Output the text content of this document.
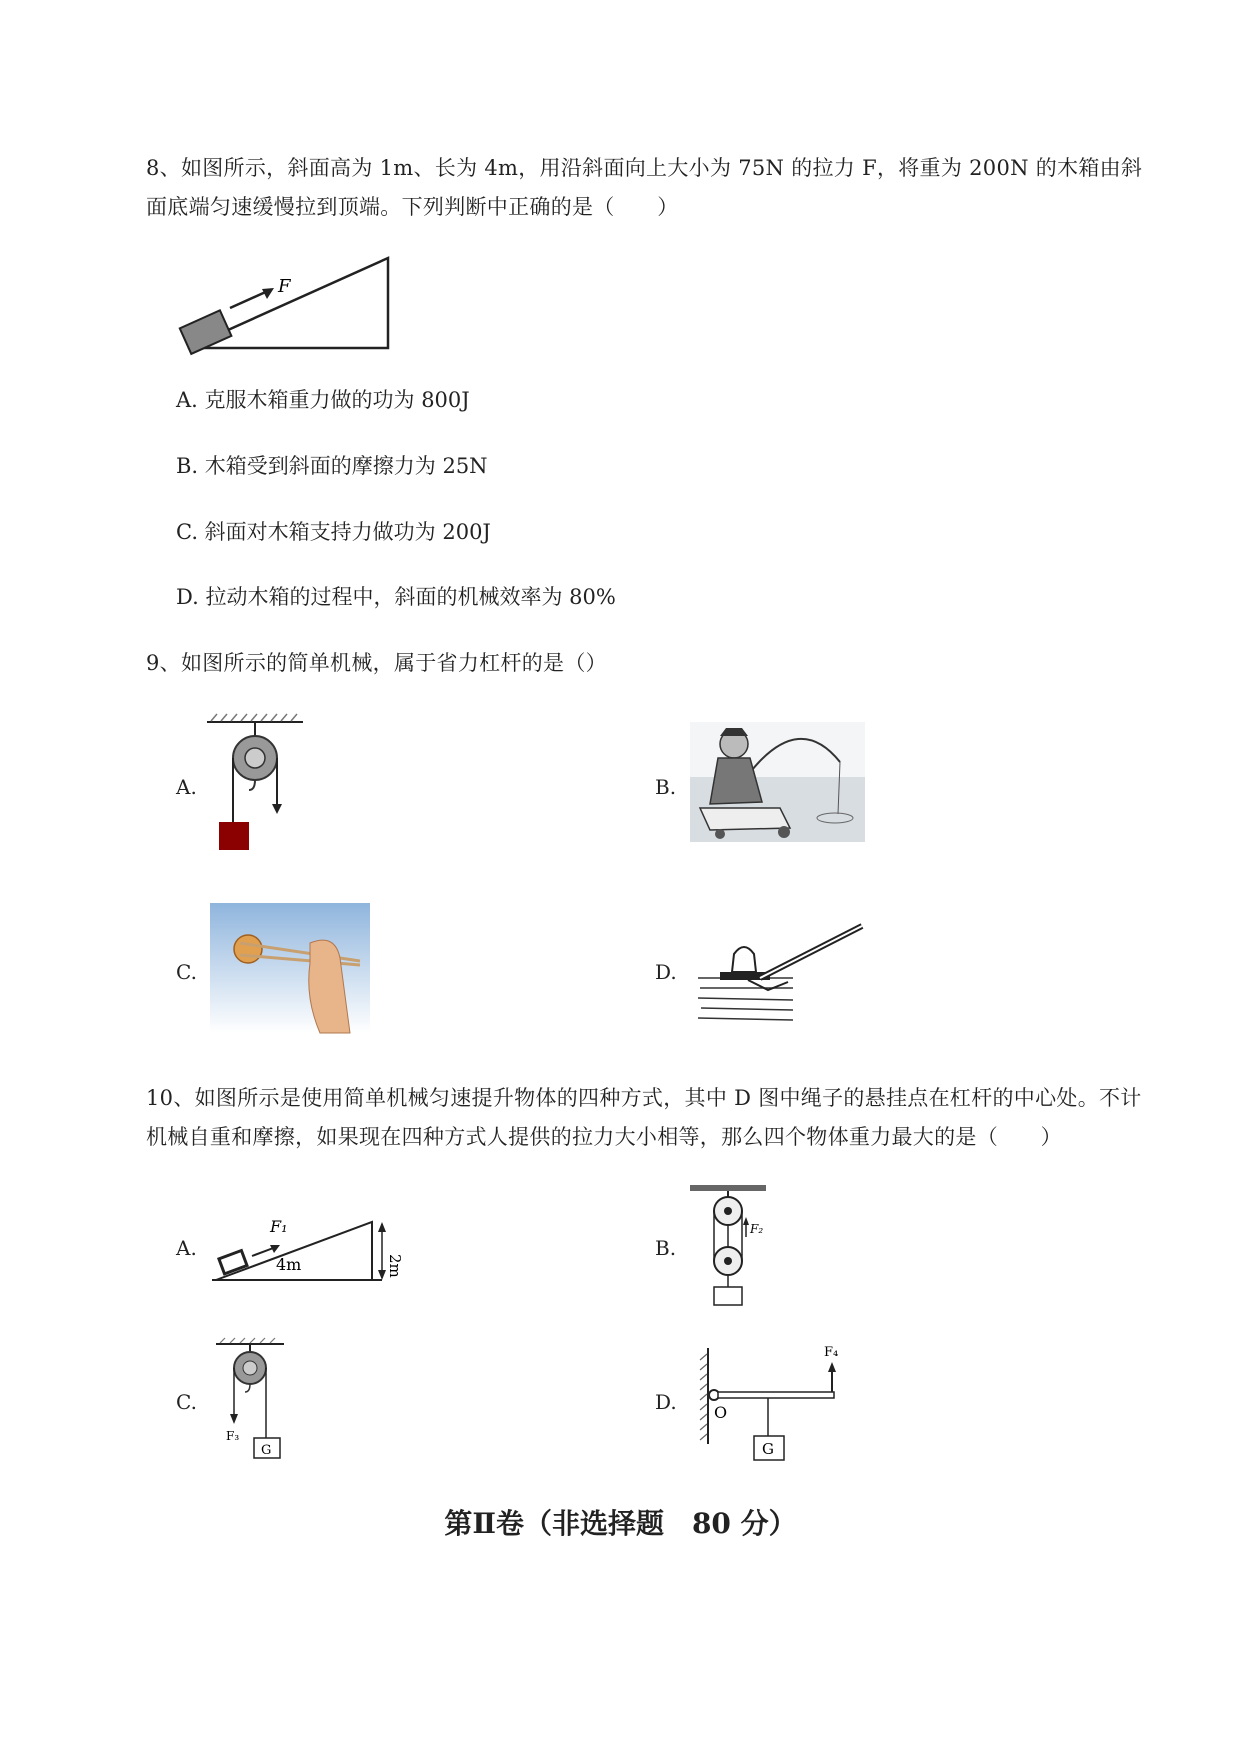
8、如图所示，斜面高为 1m、长为 4m，用沿斜面向上大小为 75N 的拉力 F，将重为 200N 的木箱由斜面底端匀速缓慢拉到顶端。下列判断中正确的是（　　）
F
A. 克服木箱重力做的功为 800J
B. 木箱受到斜面的摩擦力为 25N
C. 斜面对木箱支持力做功为 200J
D. 拉动木箱的过程中，斜面的机械效率为 80%
9、如图所示的简单机械，属于省力杠杆的是（）
A.	B.
C.	D.
10、如图所示是使用简单机械匀速提升物体的四种方式，其中 D 图中绳子的悬挂点在杠杆的中心处。不计机械自重和摩擦，如果现在四种方式人提供的拉力大小相等，那么四个物体重力最大的是（　　）
A.
F₁
4m	2m
B.
F₂
C.
F₃
G
D. O
F₄
G
第Ⅱ卷（非选择题　80 分）
